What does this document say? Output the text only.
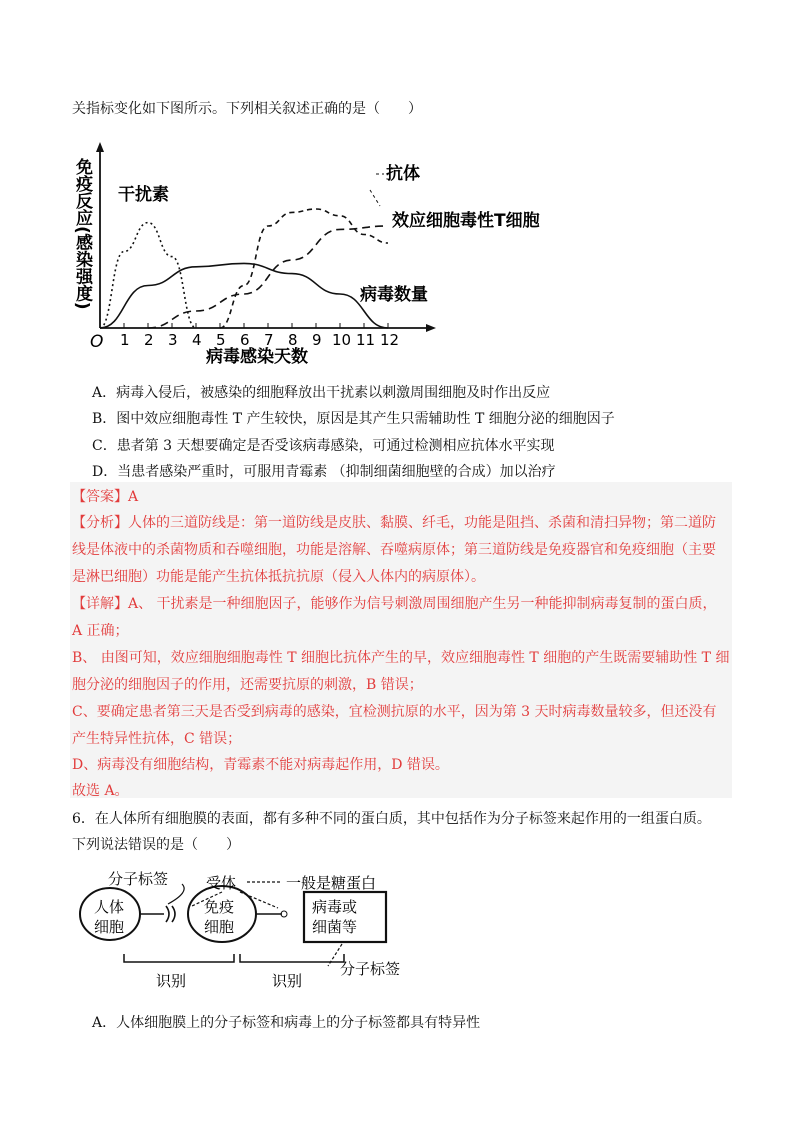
关指标变化如下图所示。下列相关叙述正确的是（　　）
1 2 3 4 5 6 7 8 9 10 11 12
O
免疫反应(感染强度)
病毒感染天数
干扰素
抗体
效应细胞毒性T细胞
病毒数量
A．病毒入侵后，被感染的细胞释放出干扰素以刺激周围细胞及时作出反应
B．图中效应细胞毒性 T 产生较快，原因是其产生只需辅助性 T 细胞分泌的细胞因子
C．患者第 3 天想要确定是否受该病毒感染，可通过检测相应抗体水平实现
D．当患者感染严重时，可服用青霉素 （抑制细菌细胞壁的合成）加以治疗
【答案】A
【分析】人体的三道防线是：第一道防线是皮肤、黏膜、纤毛，功能是阻挡、杀菌和清扫异物；第二道防
线是体液中的杀菌物质和吞噬细胞，功能是溶解、吞噬病原体；第三道防线是免疫器官和免疫细胞（主要
是淋巴细胞）功能是能产生抗体抵抗抗原（侵入人体内的病原体）。
【详解】A、 干扰素是一种细胞因子，能够作为信号刺激周围细胞产生另一种能抑制病毒复制的蛋白质，
A 正确；
B、 由图可知，效应细胞细胞毒性 T 细胞比抗体产生的早，效应细胞毒性 T 细胞的产生既需要辅助性 T 细
胞分泌的细胞因子的作用，还需要抗原的刺激，B 错误；
C、要确定患者第三天是否受到病毒的感染，宜检测抗原的水平，因为第 3 天时病毒数量较多，但还没有
产生特异性抗体，C 错误；
D、病毒没有细胞结构，青霉素不能对病毒起作用，D 错误。
故选 A。
6．在人体所有细胞膜的表面，都有多种不同的蛋白质，其中包括作为分子标签来起作用的一组蛋白质。
下列说法错误的是（　　）
人体
细胞
免疫
细胞
病毒或
细菌等
分子标签	受体	一般是糖蛋白
分子标签
识别	识别
A．人体细胞膜上的分子标签和病毒上的分子标签都具有特异性
